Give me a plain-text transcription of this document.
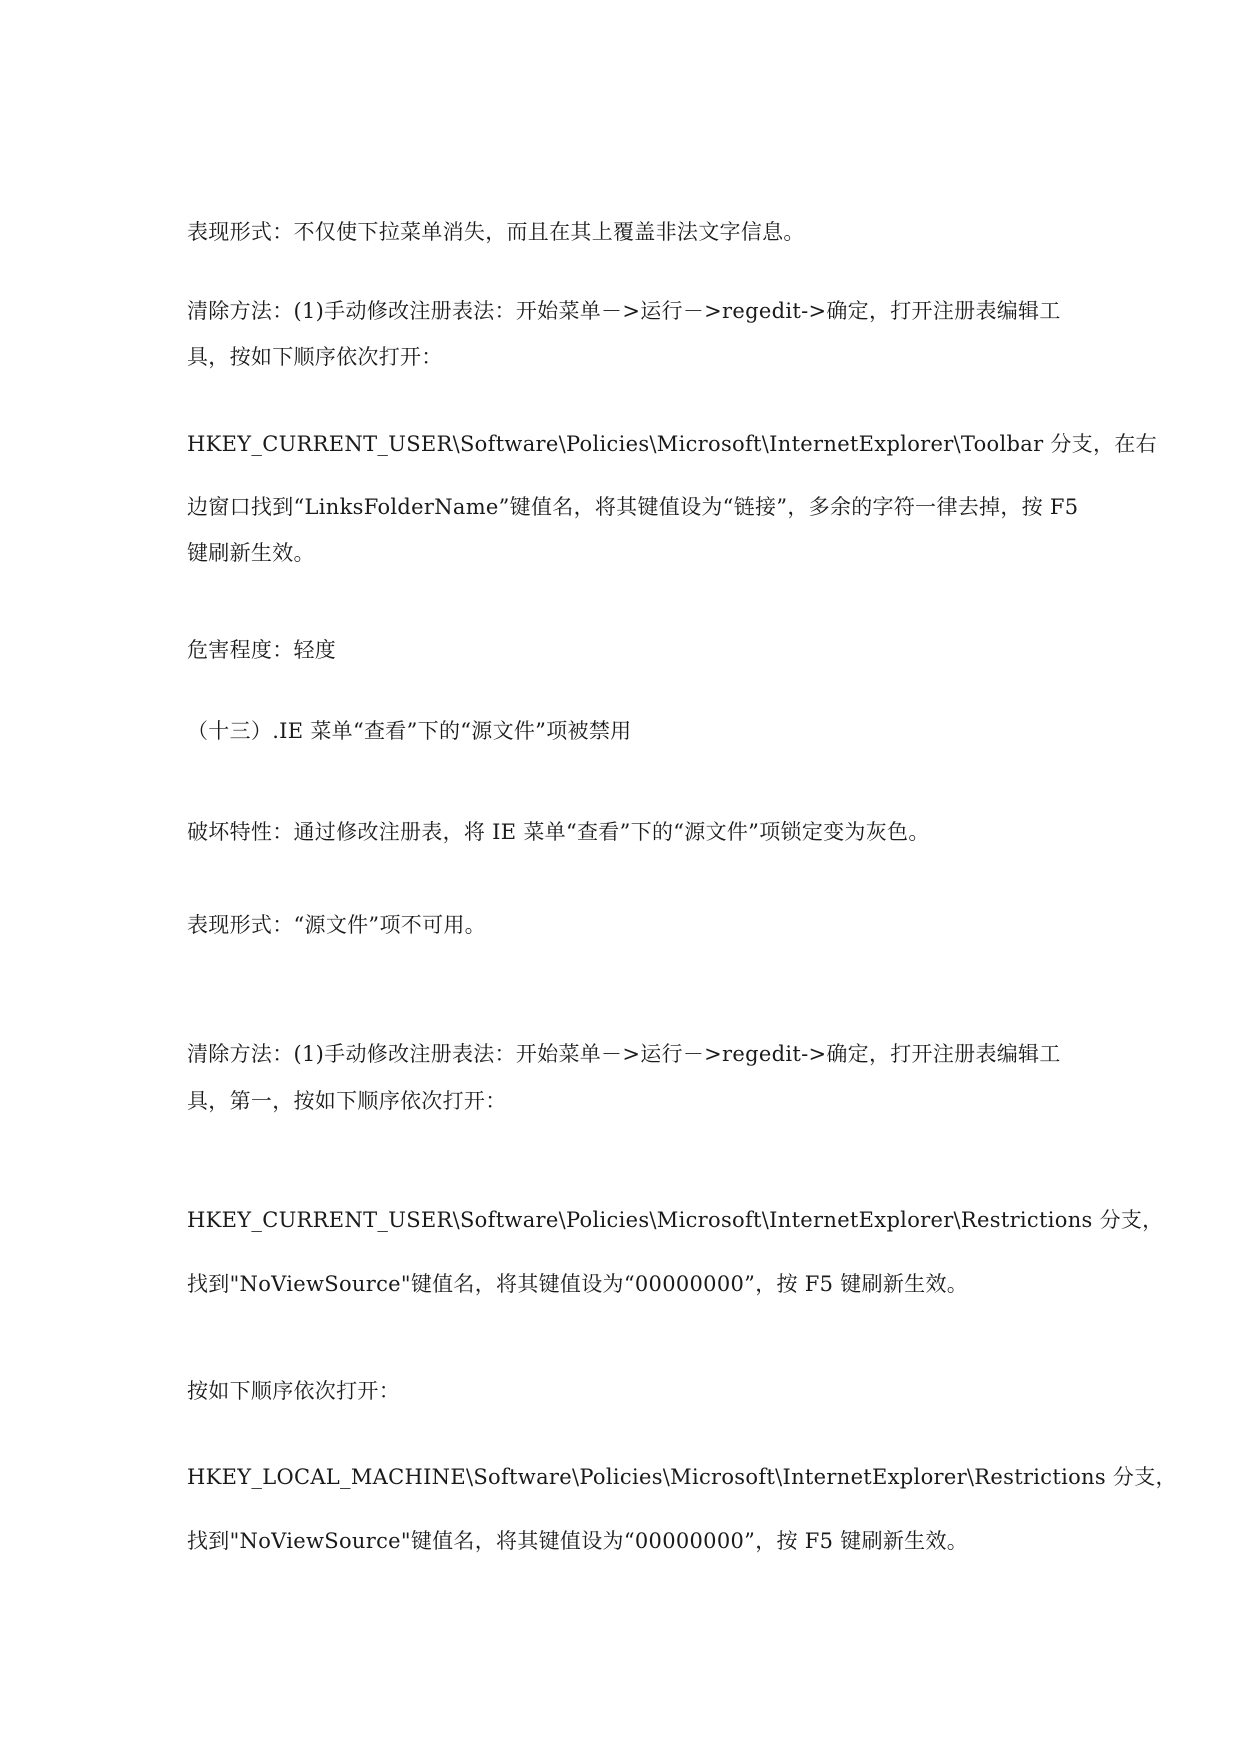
表现形式：不仅使下拉菜单消失，而且在其上覆盖非法文字信息。
清除方法：(1)手动修改注册表法：开始菜单－>运行－>regedit->确定，打开注册表编辑工
具，按如下顺序依次打开：
HKEY_CURRENT_USER\Software\Policies\Microsoft\InternetExplorer\Toolbar 分支，在右
边窗口找到“LinksFolderName”键值名，将其键值设为“链接”，多余的字符一律去掉，按 F5
键刷新生效。
危害程度：轻度
（十三）.IE 菜单“查看”下的“源文件”项被禁用
破坏特性：通过修改注册表，将 IE 菜单“查看”下的“源文件”项锁定变为灰色。
表现形式：“源文件”项不可用。
清除方法：(1)手动修改注册表法：开始菜单－>运行－>regedit->确定，打开注册表编辑工
具，第一，按如下顺序依次打开：
HKEY_CURRENT_USER\Software\Policies\Microsoft\InternetExplorer\Restrictions 分支，
找到"NoViewSource"键值名，将其键值设为“00000000”，按 F5 键刷新生效。
按如下顺序依次打开：
HKEY_LOCAL_MACHINE\Software\Policies\Microsoft\InternetExplorer\Restrictions 分支，
找到"NoViewSource"键值名，将其键值设为“00000000”，按 F5 键刷新生效。
